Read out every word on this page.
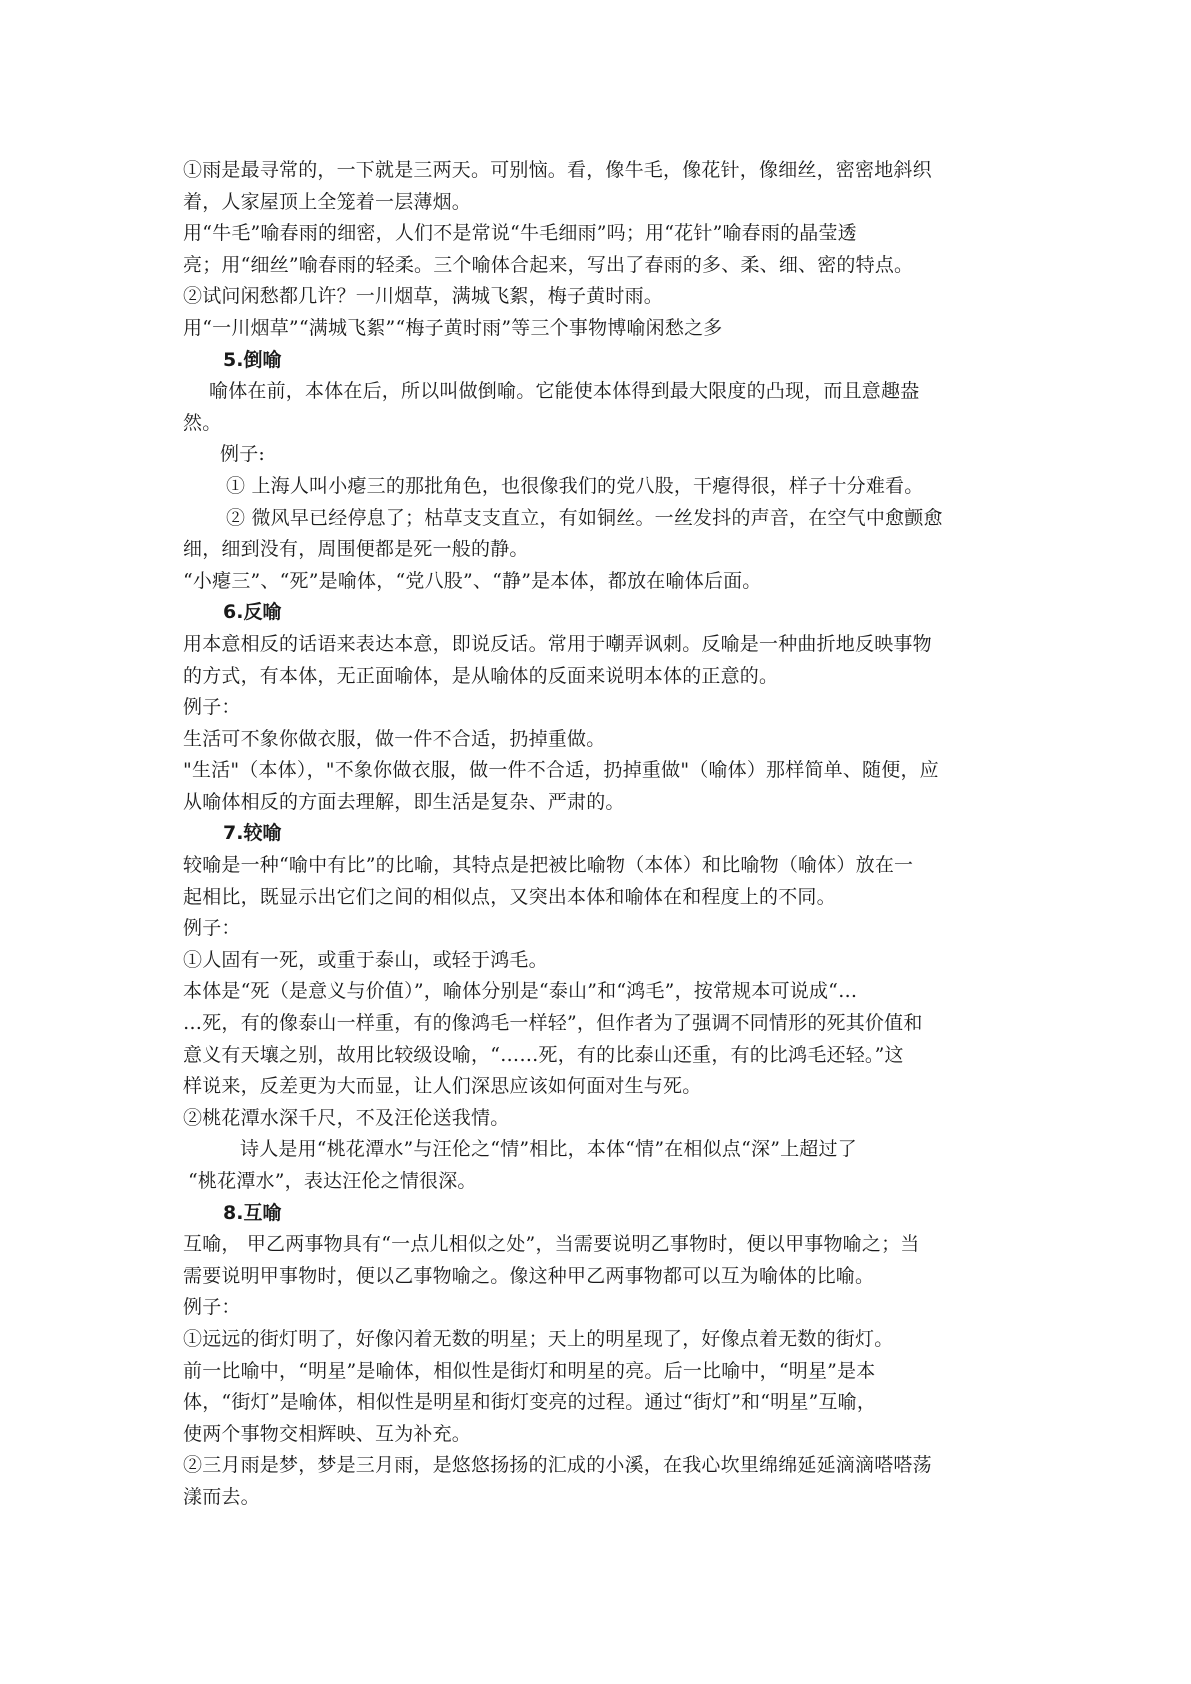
①雨是最寻常的，一下就是三两天。可别恼。看，像牛毛，像花针，像细丝，密密地斜织
着，人家屋顶上全笼着一层薄烟。
用“牛毛”喻春雨的细密，人们不是常说“牛毛细雨”吗；用“花针”喻春雨的晶莹透
亮；用“细丝”喻春雨的轻柔。三个喻体合起来，写出了春雨的多、柔、细、密的特点。
②试问闲愁都几许？一川烟草，满城飞絮，梅子黄时雨。
用“一川烟草”“满城飞絮”“梅子黄时雨”等三个事物博喻闲愁之多
5.倒喻
喻体在前，本体在后，所以叫做倒喻。它能使本体得到最大限度的凸现，而且意趣盎
然。
例子:
① 上海人叫小瘪三的那批角色，也很像我们的党八股，干瘪得很，样子十分难看。
② 微风早已经停息了；枯草支支直立，有如铜丝。一丝发抖的声音，在空气中愈颤愈
细，细到没有，周围便都是死一般的静。
“小瘪三”、“死”是喻体，“党八股”、“静”是本体，都放在喻体后面。
6.反喻
用本意相反的话语来表达本意，即说反话。常用于嘲弄讽刺。反喻是一种曲折地反映事物
的方式，有本体，无正面喻体，是从喻体的反面来说明本体的正意的。
例子：
生活可不象你做衣服，做一件不合适，扔掉重做。
"生活"（本体），"不象你做衣服，做一件不合适，扔掉重做"（喻体）那样简单、随便，应
从喻体相反的方面去理解，即生活是复杂、严肃的。
7.较喻
较喻是一种“喻中有比”的比喻，其特点是把被比喻物（本体）和比喻物（喻体）放在一
起相比，既显示出它们之间的相似点，又突出本体和喻体在和程度上的不同。
例子：
①人固有一死，或重于泰山，或轻于鸿毛。
本体是“死（是意义与价值）”，喻体分别是“泰山”和“鸿毛”，按常规本可说成“…
…死，有的像泰山一样重，有的像鸿毛一样轻”，但作者为了强调不同情形的死其价值和
意义有天壤之别，故用比较级设喻，“……死，有的比泰山还重，有的比鸿毛还轻。”这
样说来，反差更为大而显，让人们深思应该如何面对生与死。
②桃花潭水深千尺，不及汪伦送我情。
诗人是用“桃花潭水”与汪伦之“情”相比，本体“情”在相似点“深”上超过了
“桃花潭水”，表达汪伦之情很深。
8.互喻
互喻， 甲乙两事物具有“一点儿相似之处”，当需要说明乙事物时，便以甲事物喻之；当
需要说明甲事物时，便以乙事物喻之。像这种甲乙两事物都可以互为喻体的比喻。
例子：
①远远的街灯明了，好像闪着无数的明星；天上的明星现了，好像点着无数的街灯。
前一比喻中，“明星”是喻体，相似性是街灯和明星的亮。后一比喻中，“明星”是本
体，“街灯”是喻体，相似性是明星和街灯变亮的过程。通过“街灯”和“明星”互喻，
使两个事物交相辉映、互为补充。
②三月雨是梦，梦是三月雨，是悠悠扬扬的汇成的小溪，在我心坎里绵绵延延滴滴嗒嗒荡
漾而去。
